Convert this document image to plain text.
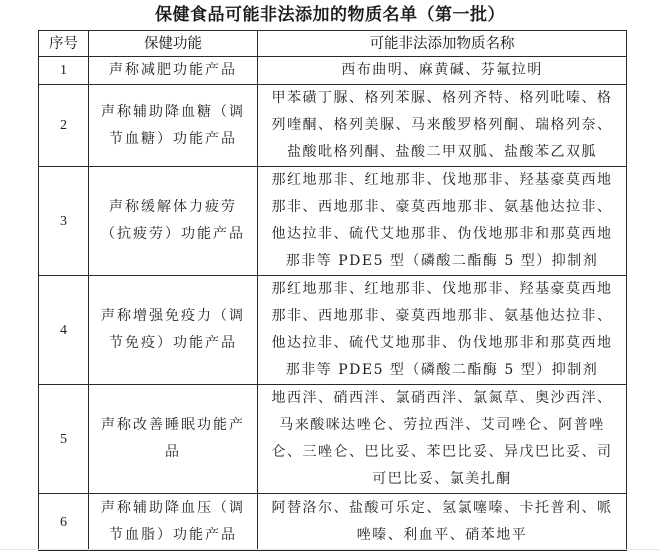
保健食品可能非法添加的物质名单（第一批）
序号	保健功能	可能非法添加物质名称
1	声称减肥功能产品	西布曲明、麻黄碱、芬氟拉明
2	声称辅助降血糖（调节血糖）功能产品	甲苯磺丁脲、格列苯脲、格列齐特、格列吡嗪、格列喹酮、格列美脲、马来酸罗格列酮、瑞格列奈、盐酸吡格列酮、盐酸二甲双胍、盐酸苯乙双胍
3	声称缓解体力疲劳（抗疲劳）功能产品	那红地那非、红地那非、伐地那非、羟基豪莫西地那非、西地那非、豪莫西地那非、氨基他达拉非、他达拉非、硫代艾地那非、伪伐地那非和那莫西地那非等 PDE5 型（磷酸二酯酶 5 型）抑制剂
4	声称增强免疫力（调节免疫）功能产品	那红地那非、红地那非、伐地那非、羟基豪莫西地那非、西地那非、豪莫西地那非、氨基他达拉非、他达拉非、硫代艾地那非、伪伐地那非和那莫西地那非等 PDE5 型（磷酸二酯酶 5 型）抑制剂
5	声称改善睡眠功能产品	地西泮、硝西泮、氯硝西泮、氯氮草、奥沙西泮、马来酸咪达唑仑、劳拉西泮、艾司唑仑、阿普唑仑、三唑仑、巴比妥、苯巴比妥、异戊巴比妥、司可巴比妥、氯美扎酮
6	声称辅助降血压（调节血脂）功能产品	阿替洛尔、盐酸可乐定、氢氯噻嗪、卡托普利、哌唑嗪、利血平、硝苯地平
